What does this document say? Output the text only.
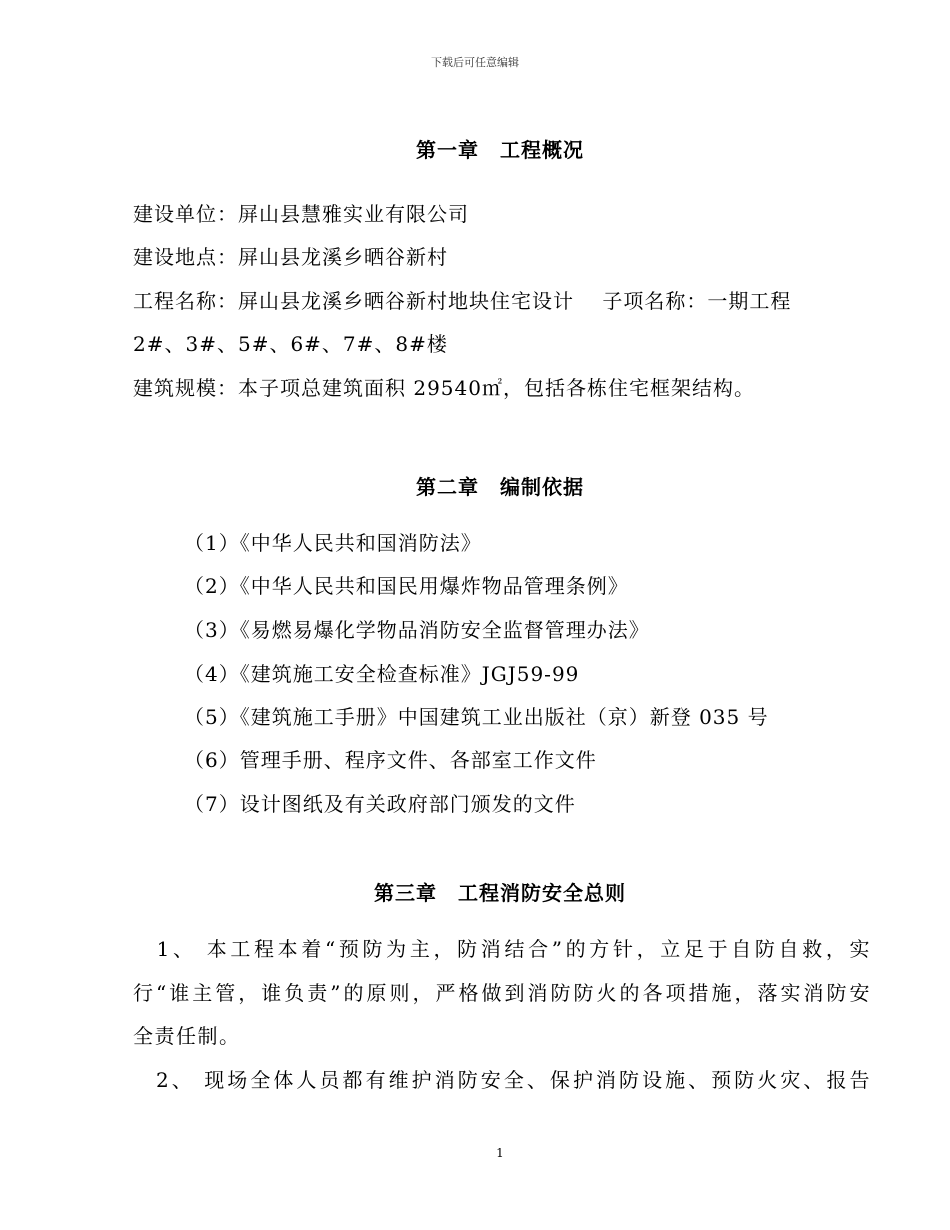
下载后可任意编辑
第一章　工程概况
建设单位：屏山县慧雅实业有限公司
建设地点：屏山县龙溪乡晒谷新村
工程名称：屏山县龙溪乡晒谷新村地块住宅设计　 子项名称：一期工程
2#、3#、5#、6#、7#、8#楼
建筑规模：本子项总建筑面积 29540㎡，包括各栋住宅框架结构。
第二章　编制依据
（1）《中华人民共和国消防法》
（2）《中华人民共和国民用爆炸物品管理条例》
（3）《易燃易爆化学物品消防安全监督管理办法》
（4）《建筑施工安全检查标准》JGJ59-99
（5）《建筑施工手册》中国建筑工业出版社（京）新登 035 号
（6）管理手册、程序文件、各部室工作文件
（7）设计图纸及有关政府部门颁发的文件
第三章　工程消防安全总则
　1、 本工程本着“预防为主，防消结合”的方针，立足于自防自救，实
行“谁主管，谁负责”的原则，严格做到消防防火的各项措施，落实消防安
全责任制。
　2、 现场全体人员都有维护消防安全、保护消防设施、预防火灾、报告
1
